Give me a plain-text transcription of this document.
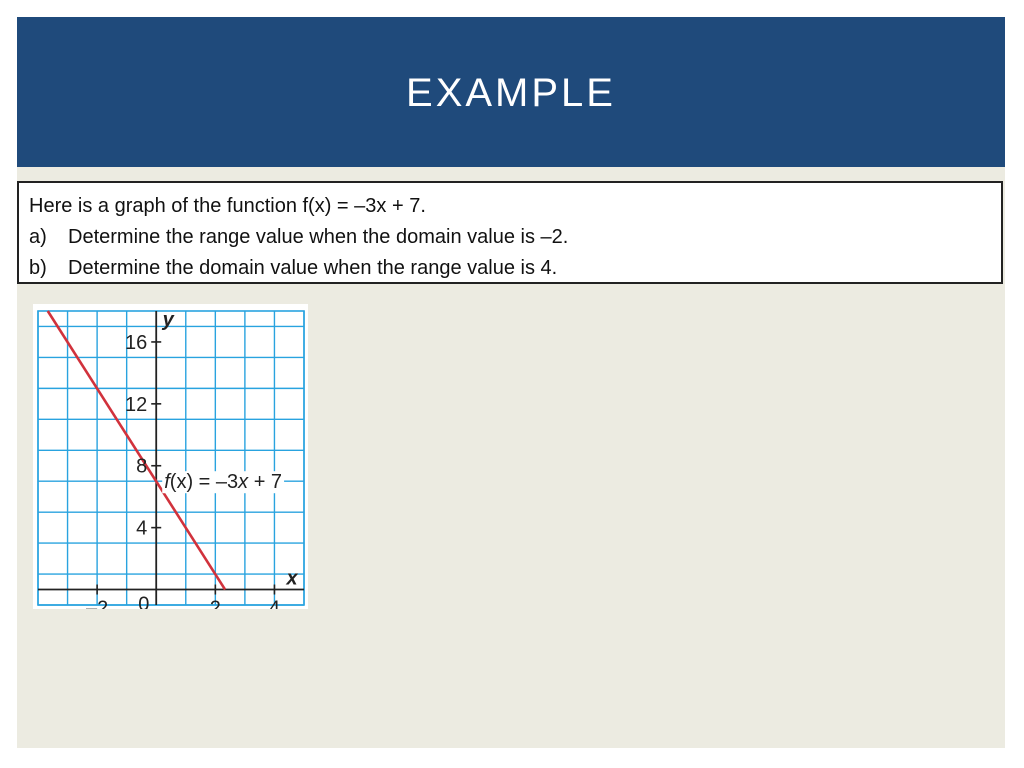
EXAMPLE
Here is a graph of the function f(x) = –3x + 7.
a) Determine the range value when the domain value is –2.
b) Determine the domain value when the range value is 4.
–2	2 4
4
8
12
16
0
x
y
f(x) = –3x + 7
